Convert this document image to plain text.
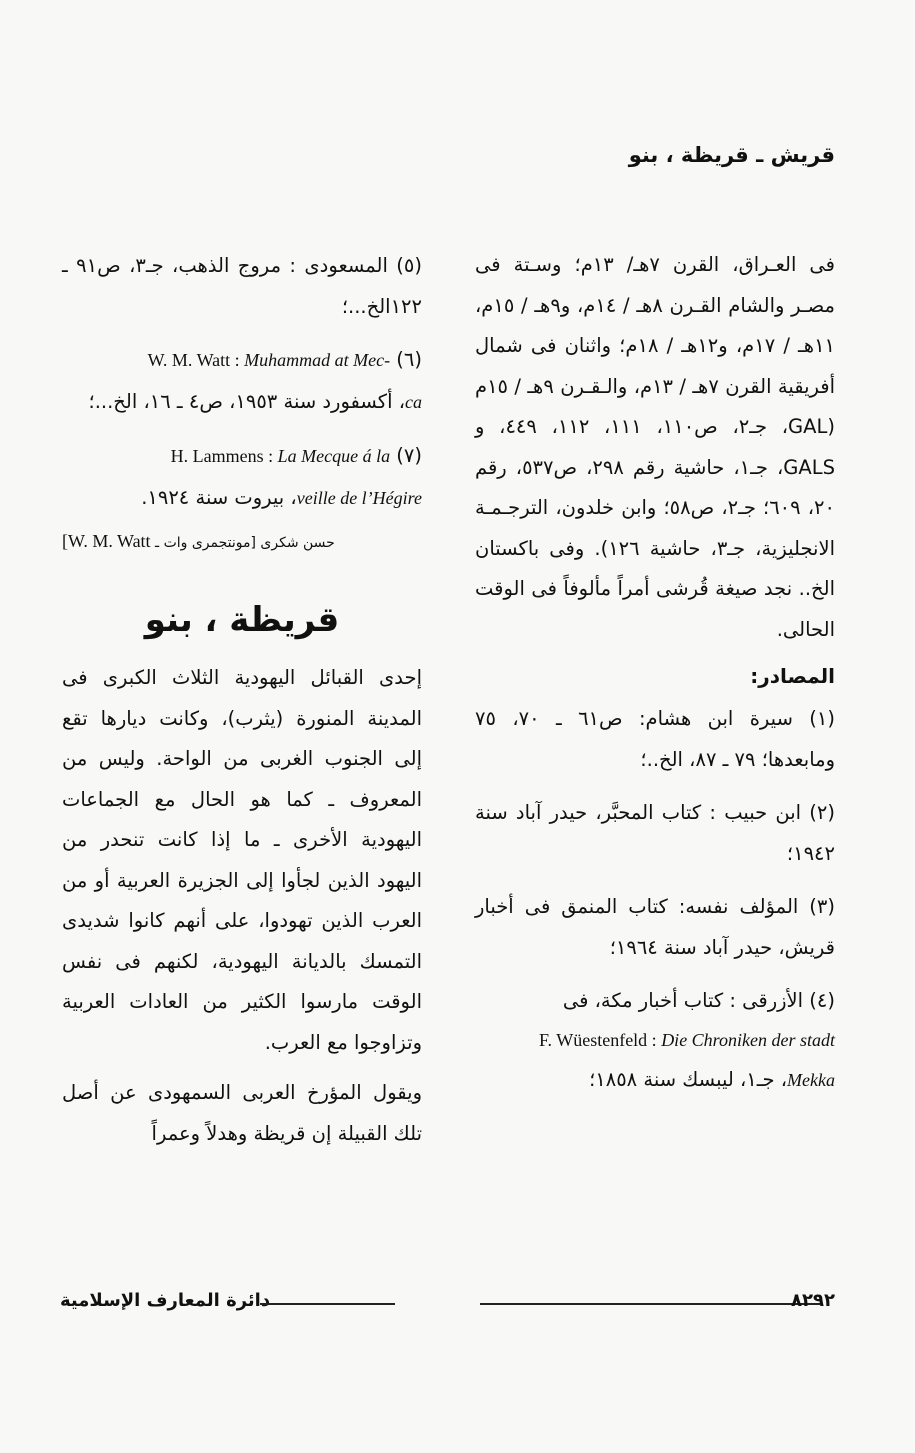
قريش ـ قريظة ، بنو

فى العـراق، القرن ٧هـ/ ١٣م؛ وسـتة فى مصـر والشام القـرن ٨هـ / ١٤م، و٩هـ / ١٥م، ١١هـ / ١٧م، و١٢هـ / ١٨م؛ واثنان فى شمال أفريقية القرن ٧هـ / ١٣م، والـقـرن ٩هـ / ١٥م (GAL، جـ٢، ص١١٠، ١١١، ١١٢، ٤٤٩، و GALS، جـ١، حاشية رقم ٢٩٨، ص٥٣٧، رقم ٢٠، ٦٠٩؛ جـ٢، ص٥٨؛ وابن خلدون، الترجـمـة الانجليزية، جـ٣، حاشية ١٢٦). وفى باكستان الخ.. نجد صيغة قُرشى أمراً مألوفاً فى الوقت الحالى.

المصادر:

(١) سيرة ابن هشام: ص٦١ ـ ٧٠، ٧٥ ومابعدها؛ ٧٩ ـ ٨٧، الخ..؛

(٢) ابن حبيب : كتاب المحبَّر، حيدر آباد سنة ١٩٤٢؛

(٣) المؤلف نفسه: كتاب المنمق فى أخبار قريش، حيدر آباد سنة ١٩٦٤؛

(٤) الأزرقى : كتاب أخبار مكة، فى
F. Wüestenfeld : Die Chroniken der stadt
Mekka، جـ١، ليبسك سنة ١٨٥٨؛

(٥) المسعودى : مروج الذهب، جـ٣، ص٩١ ـ ١٢٢الخ...؛

(٦) W. M. Watt : Muhammad at Mec-
ca، أكسفورد سنة ١٩٥٣، ص٤ ـ ١٦، الخ...؛
(٧) H. Lammens : La Mecque á la
veille de l’Hégire، بيروت سنة ١٩٢٤.
حسن شكرى [مونتجمرى وات ـ W. M. Watt]
قريظة ، بنو

إحدى القبائل اليهودية الثلاث الكبرى فى المدينة المنورة (يثرب)، وكانت ديارها تقع إلى الجنوب الغربى من الواحة. وليس من المعروف ـ كما هو الحال مع الجماعات اليهودية الأخرى ـ ما إذا كانت تنحدر من اليهود الذين لجأوا إلى الجزيرة العربية أو من العرب الذين تهودوا، على أنهم كانوا شديدى التمسك بالديانة اليهودية، لكنهم فى نفس الوقت مارسوا الكثير من العادات العربية وتزاوجوا مع العرب.

ويقول المؤرخ العربى السمهودى عن أصل تلك القبيلة إن قريظة وهدلاً وعمراً

دائرة المعارف الإسلامية	٨٢٩٢
